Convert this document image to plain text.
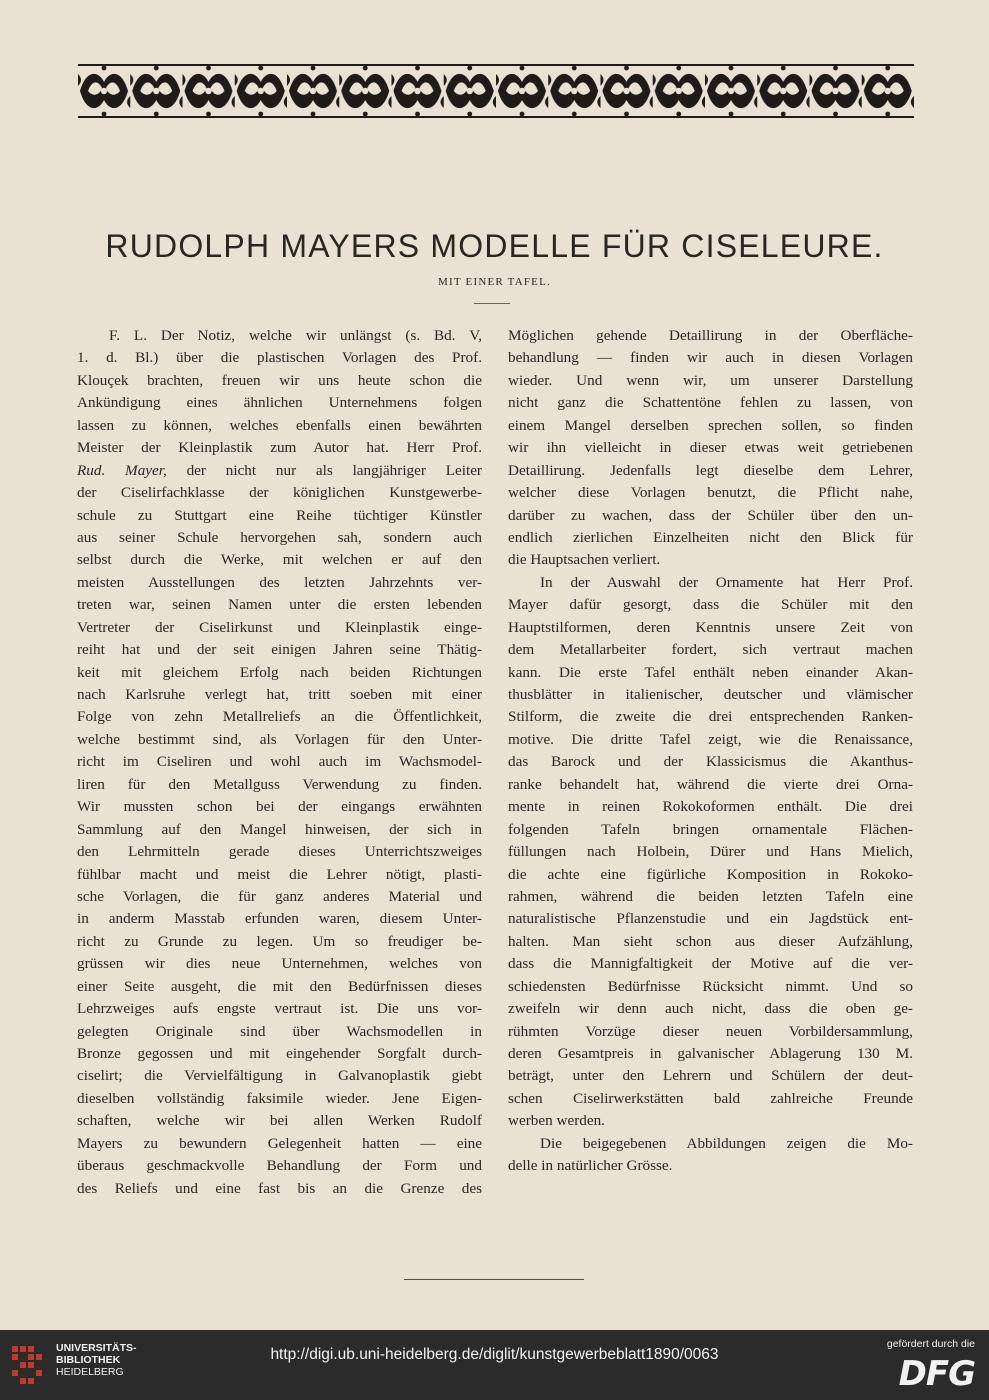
RUDOLPH MAYERS MODELLE FÜR CISELEURE.
MIT EINER TAFEL.
F. L. Der Notiz, welche wir unlängst (s. Bd. V,
1. d. Bl.) über die plastischen Vorlagen des Prof.
Klouçek brachten, freuen wir uns heute schon die
Ankündigung eines ähnlichen Unternehmens folgen
lassen zu können, welches ebenfalls einen bewährten
Meister der Kleinplastik zum Autor hat. Herr Prof.
Rud. Mayer, der nicht nur als langjähriger Leiter
der Ciselirfachklasse der königlichen Kunstgewerbe-
schule zu Stuttgart eine Reihe tüchtiger Künstler
aus seiner Schule hervorgehen sah, sondern auch
selbst durch die Werke, mit welchen er auf den
meisten Ausstellungen des letzten Jahrzehnts ver-
treten war, seinen Namen unter die ersten lebenden
Vertreter der Ciselirkunst und Kleinplastik einge-
reiht hat und der seit einigen Jahren seine Thätig-
keit mit gleichem Erfolg nach beiden Richtungen
nach Karlsruhe verlegt hat, tritt soeben mit einer
Folge von zehn Metallreliefs an die Öffentlichkeit,
welche bestimmt sind, als Vorlagen für den Unter-
richt im Ciseliren und wohl auch im Wachsmodel-
liren für den Metallguss Verwendung zu finden.
Wir mussten schon bei der eingangs erwähnten
Sammlung auf den Mangel hinweisen, der sich in
den Lehrmitteln gerade dieses Unterrichtszweiges
fühlbar macht und meist die Lehrer nötigt, plasti-
sche Vorlagen, die für ganz anderes Material und
in anderm Masstab erfunden waren, diesem Unter-
richt zu Grunde zu legen. Um so freudiger be-
grüssen wir dies neue Unternehmen, welches von
einer Seite ausgeht, die mit den Bedürfnissen dieses
Lehrzweiges aufs engste vertraut ist. Die uns vor-
gelegten Originale sind über Wachsmodellen in
Bronze gegossen und mit eingehender Sorgfalt durch-
ciselirt; die Vervielfältigung in Galvanoplastik giebt
dieselben vollständig faksimile wieder. Jene Eigen-
schaften, welche wir bei allen Werken Rudolf
Mayers zu bewundern Gelegenheit hatten — eine
überaus geschmackvolle Behandlung der Form und
des Reliefs und eine fast bis an die Grenze des
Möglichen gehende Detaillirung in der Oberfläche-
behandlung — finden wir auch in diesen Vorlagen
wieder. Und wenn wir, um unserer Darstellung
nicht ganz die Schattentöne fehlen zu lassen, von
einem Mangel derselben sprechen sollen, so finden
wir ihn vielleicht in dieser etwas weit getriebenen
Detaillirung. Jedenfalls legt dieselbe dem Lehrer,
welcher diese Vorlagen benutzt, die Pflicht nahe,
darüber zu wachen, dass der Schüler über den un-
endlich zierlichen Einzelheiten nicht den Blick für
die Hauptsachen verliert.
In der Auswahl der Ornamente hat Herr Prof.
Mayer dafür gesorgt, dass die Schüler mit den
Hauptstilformen, deren Kenntnis unsere Zeit von
dem Metallarbeiter fordert, sich vertraut machen
kann. Die erste Tafel enthält neben einander Akan-
thusblätter in italienischer, deutscher und vlämischer
Stilform, die zweite die drei entsprechenden Ranken-
motive. Die dritte Tafel zeigt, wie die Renaissance,
das Barock und der Klassicismus die Akanthus-
ranke behandelt hat, während die vierte drei Orna-
mente in reinen Rokokoformen enthält. Die drei
folgenden Tafeln bringen ornamentale Flächen-
füllungen nach Holbein, Dürer und Hans Mielich,
die achte eine figürliche Komposition in Rokoko-
rahmen, während die beiden letzten Tafeln eine
naturalistische Pflanzenstudie und ein Jagdstück ent-
halten. Man sieht schon aus dieser Aufzählung,
dass die Mannigfaltigkeit der Motive auf die ver-
schiedensten Bedürfnisse Rücksicht nimmt. Und so
zweifeln wir denn auch nicht, dass die oben ge-
rühmten Vorzüge dieser neuen Vorbildersammlung,
deren Gesamtpreis in galvanischer Ablagerung 130 M.
beträgt, unter den Lehrern und Schülern der deut-
schen Ciselirwerkstätten bald zahlreiche Freunde
werben werden.
Die beigegebenen Abbildungen zeigen die Mo-
delle in natürlicher Grösse.
UNIVERSITÄTS-
BIBLIOTHEK
HEIDELBERG
http://digi.ub.uni-heidelberg.de/diglit/kunstgewerbeblatt1890/0063
gefördert durch die
DFG
